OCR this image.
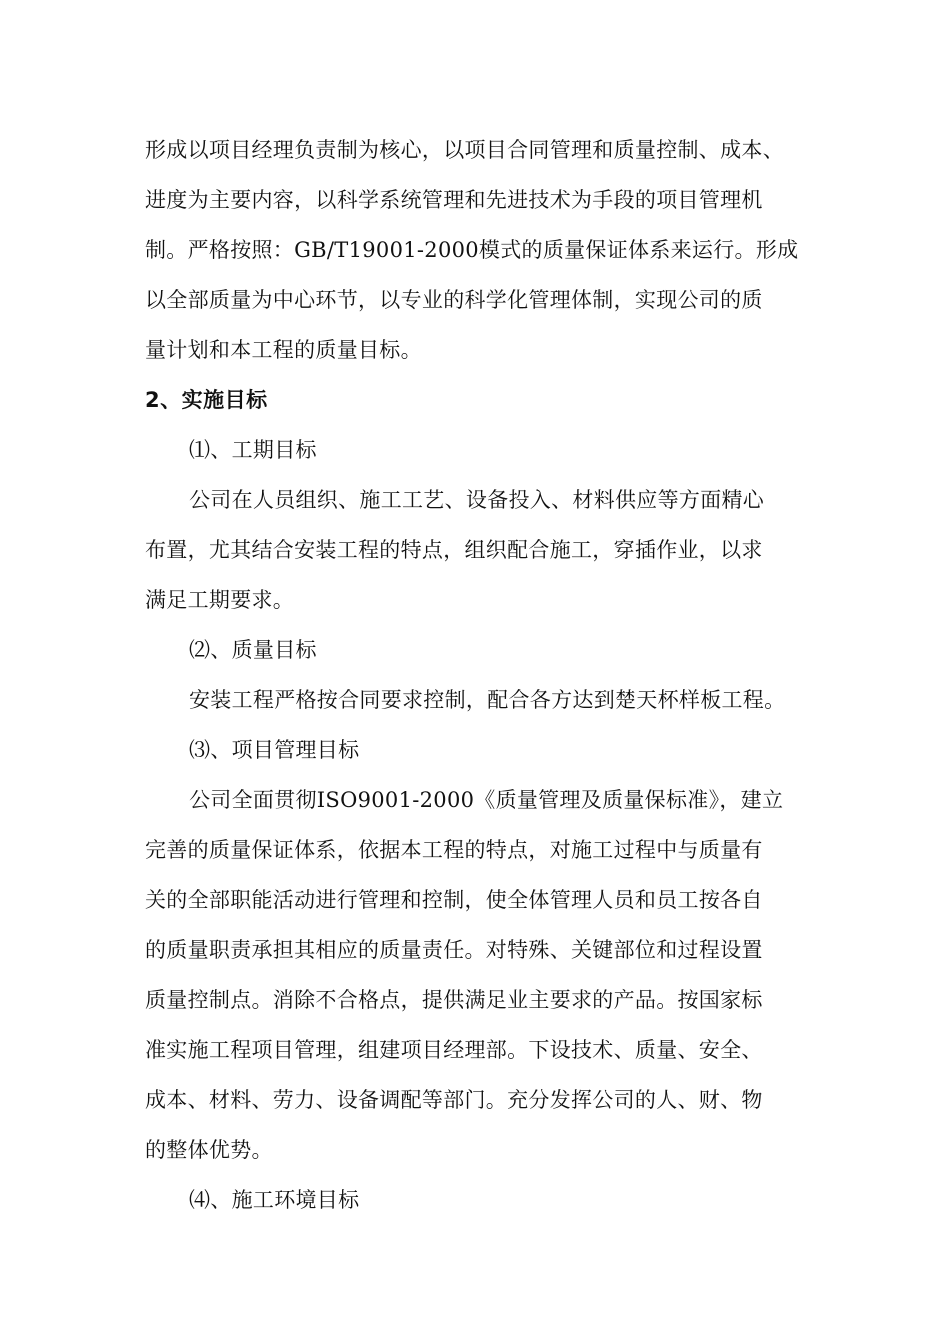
形成以项目经理负责制为核心，以项目合同管理和质量控制、成本、
进度为主要内容，以科学系统管理和先进技术为手段的项目管理机
制。严格按照：GB/T19001-2000模式的质量保证体系来运行。形成
以全部质量为中心环节，以专业的科学化管理体制，实现公司的质
量计划和本工程的质量目标。
2、实施目标
⑴、工期目标
公司在人员组织、施工工艺、设备投入、材料供应等方面精心
布置，尤其结合安装工程的特点，组织配合施工，穿插作业，以求
满足工期要求。
⑵、质量目标
安装工程严格按合同要求控制，配合各方达到楚天杯样板工程。
⑶、项目管理目标
公司全面贯彻ISO9001-2000《质量管理及质量保标准》，建立
完善的质量保证体系，依据本工程的特点，对施工过程中与质量有
关的全部职能活动进行管理和控制，使全体管理人员和员工按各自
的质量职责承担其相应的质量责任。对特殊、关键部位和过程设置
质量控制点。消除不合格点，提供满足业主要求的产品。按国家标
准实施工程项目管理，组建项目经理部。下设技术、质量、安全、
成本、材料、劳力、设备调配等部门。充分发挥公司的人、财、物
的整体优势。
⑷、施工环境目标
